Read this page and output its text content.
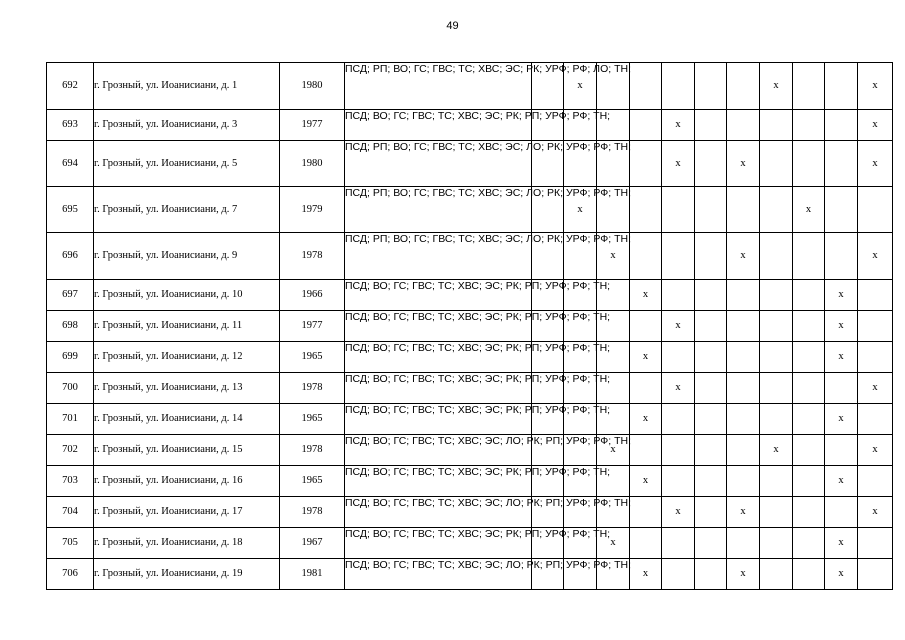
49
692	г. Грозный, ул. Иоанисиани, д. 1	1980	ПСД; РП; ВО; ГС; ГВС; ТС; ХВС; ЭС; РК; УРФ; РФ; ЛО; ТН;		x						x			x
693	г. Грозный, ул. Иоанисиани, д. 3	1977	ПСД; ВО; ГС; ГВС; ТС; ХВС; ЭС; РК; РП; УРФ; РФ; ТН;					x						x
694	г. Грозный, ул. Иоанисиани, д. 5	1980	ПСД; РП; ВО; ГС; ГВС; ТС; ХВС; ЭС; ЛО; РК; УРФ; РФ; ТН;					x		x				x
695	г. Грозный, ул. Иоанисиани, д. 7	1979	ПСД; РП; ВО; ГС; ГВС; ТС; ХВС; ЭС; ЛО; РК; УРФ; РФ; ТН;		x							x		
696	г. Грозный, ул. Иоанисиани, д. 9	1978	ПСД; РП; ВО; ГС; ГВС; ТС; ХВС; ЭС; ЛО; РК; УРФ; РФ; ТН;			x				x				x
697	г. Грозный, ул. Иоанисиани, д. 10	1966	ПСД; ВО; ГС; ГВС; ТС; ХВС; ЭС; РК; РП; УРФ; РФ; ТН;				x						x	
698	г. Грозный, ул. Иоанисиани, д. 11	1977	ПСД; ВО; ГС; ГВС; ТС; ХВС; ЭС; РК; РП; УРФ; РФ; ТН;					x					x	
699	г. Грозный, ул. Иоанисиани, д. 12	1965	ПСД; ВО; ГС; ГВС; ТС; ХВС; ЭС; РК; РП; УРФ; РФ; ТН;				x						x	
700	г. Грозный, ул. Иоанисиани, д. 13	1978	ПСД; ВО; ГС; ГВС; ТС; ХВС; ЭС; РК; РП; УРФ; РФ; ТН;					x						x
701	г. Грозный, ул. Иоанисиани, д. 14	1965	ПСД; ВО; ГС; ГВС; ТС; ХВС; ЭС; РК; РП; УРФ; РФ; ТН;				x						x	
702	г. Грозный, ул. Иоанисиани, д. 15	1978	ПСД; ВО; ГС; ГВС; ТС; ХВС; ЭС; ЛО; РК; РП; УРФ; РФ; ТН;			x					x			x
703	г. Грозный, ул. Иоанисиани, д. 16	1965	ПСД; ВО; ГС; ГВС; ТС; ХВС; ЭС; РК; РП; УРФ; РФ; ТН;				x						x	
704	г. Грозный, ул. Иоанисиани, д. 17	1978	ПСД; ВО; ГС; ГВС; ТС; ХВС; ЭС; ЛО; РК; РП; УРФ; РФ; ТН;					x		x				x
705	г. Грозный, ул. Иоанисиани, д. 18	1967	ПСД; ВО; ГС; ГВС; ТС; ХВС; ЭС; РК; РП; УРФ; РФ; ТН;			x							x	
706	г. Грозный, ул. Иоанисиани, д. 19	1981	ПСД; ВО; ГС; ГВС; ТС; ХВС; ЭС; ЛО; РК; РП; УРФ; РФ; ТН;				x			x			x	
